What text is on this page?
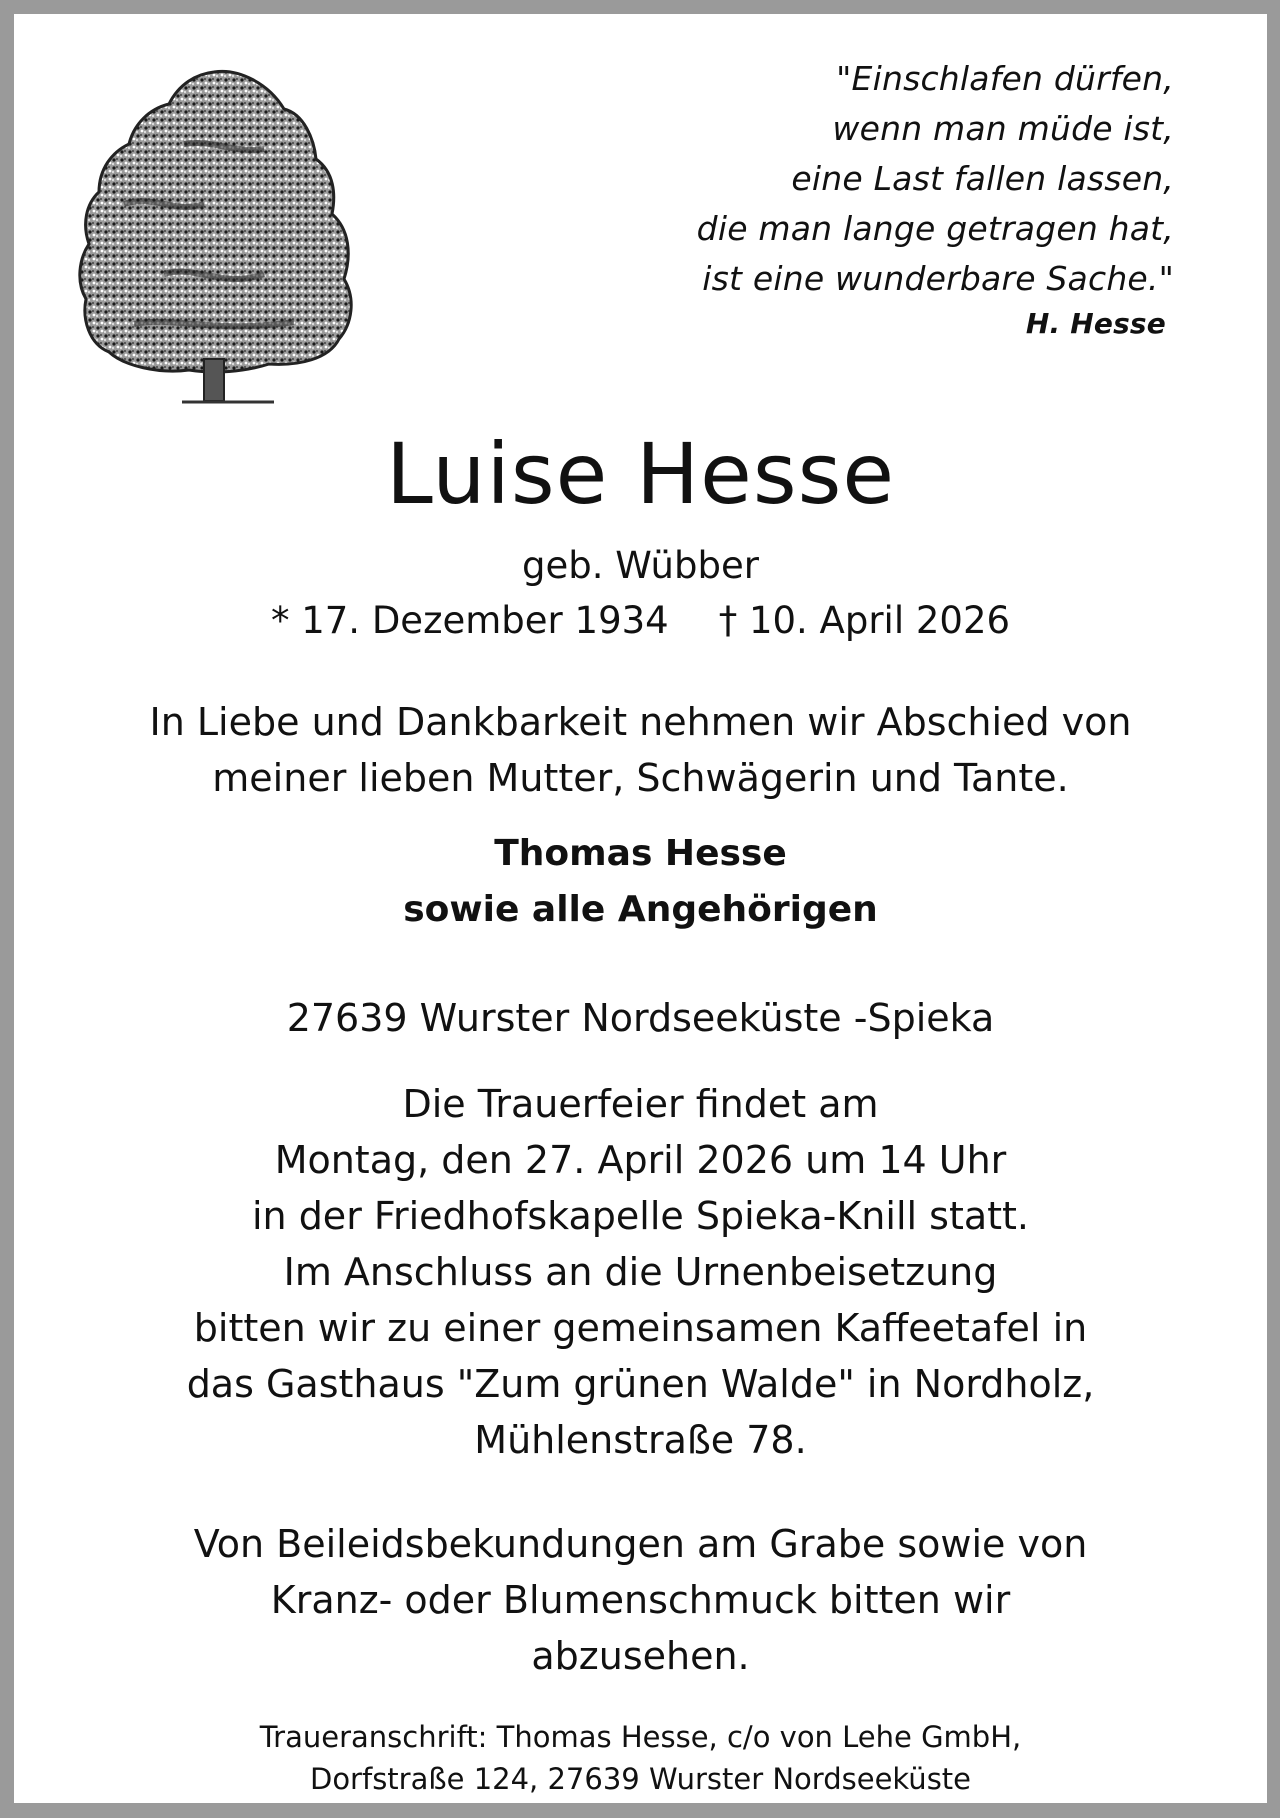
"Einschlafen dürfen,
wenn man müde ist,
eine Last fallen lassen,
die man lange getragen hat,
ist eine wunderbare Sache."
H. Hesse
Luise Hesse
geb. Wübber
* 17. Dezember 1934 † 10. April 2026
In Liebe und Dankbarkeit nehmen wir Abschied von
meiner lieben Mutter, Schwägerin und Tante.
Thomas Hesse
sowie alle Angehörigen
27639 Wurster Nordseeküste -Spieka
Die Trauerfeier findet am
Montag, den 27. April 2026 um 14 Uhr
in der Friedhofskapelle Spieka-Knill statt.
Im Anschluss an die Urnenbeisetzung
bitten wir zu einer gemeinsamen Kaffeetafel in
das Gasthaus "Zum grünen Walde" in Nordholz,
Mühlenstraße 78.
Von Beileidsbekundungen am Grabe sowie von
Kranz- oder Blumenschmuck bitten wir
abzusehen.
Traueranschrift: Thomas Hesse, c/o von Lehe GmbH,
Dorfstraße 124, 27639 Wurster Nordseeküste
